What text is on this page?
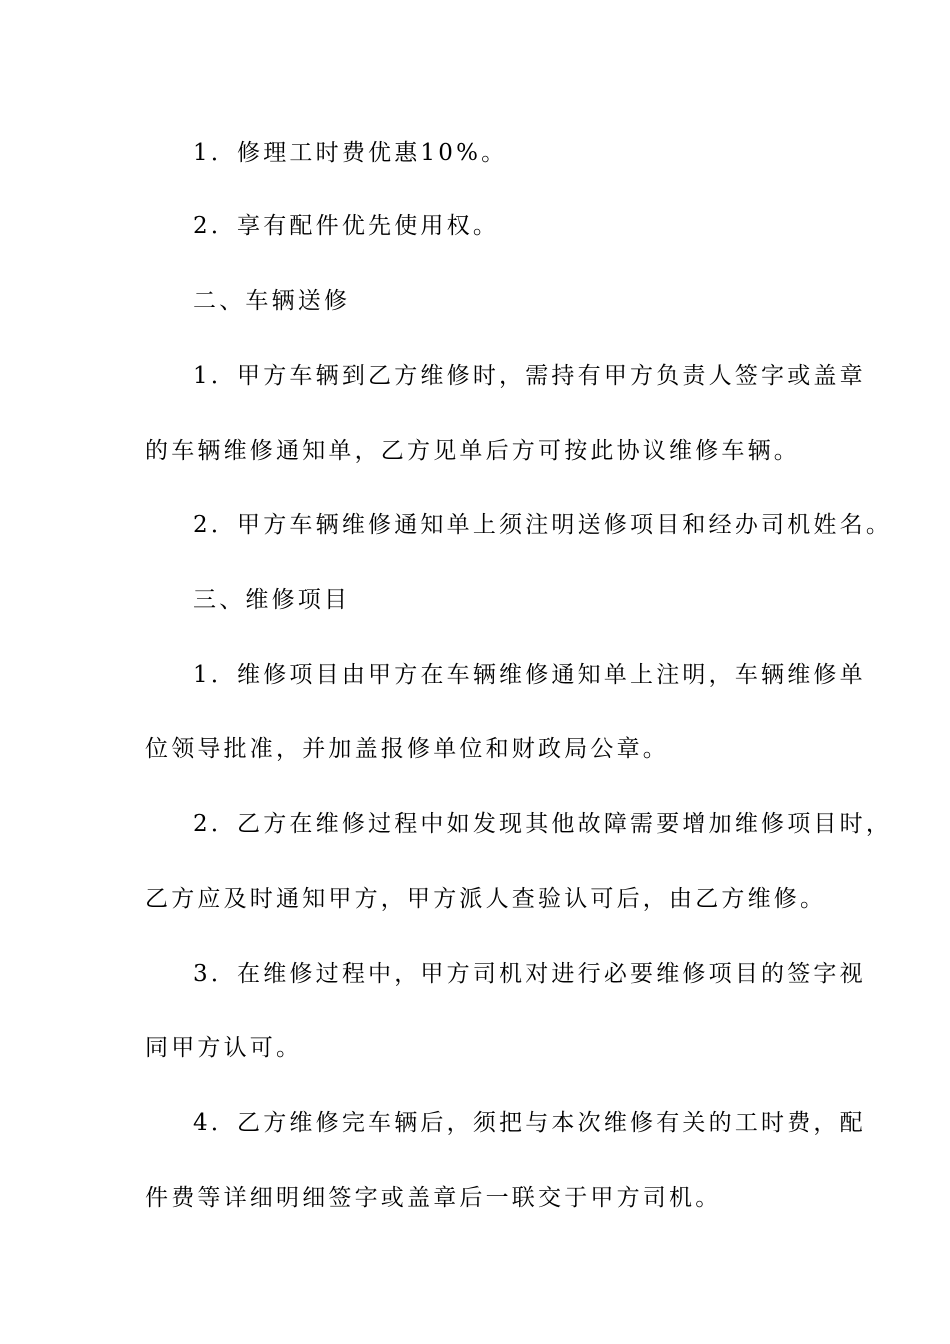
1．修理工时费优惠10%。
2．享有配件优先使用权。
二、车辆送修
1．甲方车辆到乙方维修时，需持有甲方负责人签字或盖章
的车辆维修通知单，乙方见单后方可按此协议维修车辆。
2．甲方车辆维修通知单上须注明送修项目和经办司机姓名。
三、维修项目
1．维修项目由甲方在车辆维修通知单上注明，车辆维修单
位领导批准，并加盖报修单位和财政局公章。
2．乙方在维修过程中如发现其他故障需要增加维修项目时，
乙方应及时通知甲方，甲方派人查验认可后，由乙方维修。
3．在维修过程中，甲方司机对进行必要维修项目的签字视
同甲方认可。
4．乙方维修完车辆后，须把与本次维修有关的工时费，配
件费等详细明细签字或盖章后一联交于甲方司机。
